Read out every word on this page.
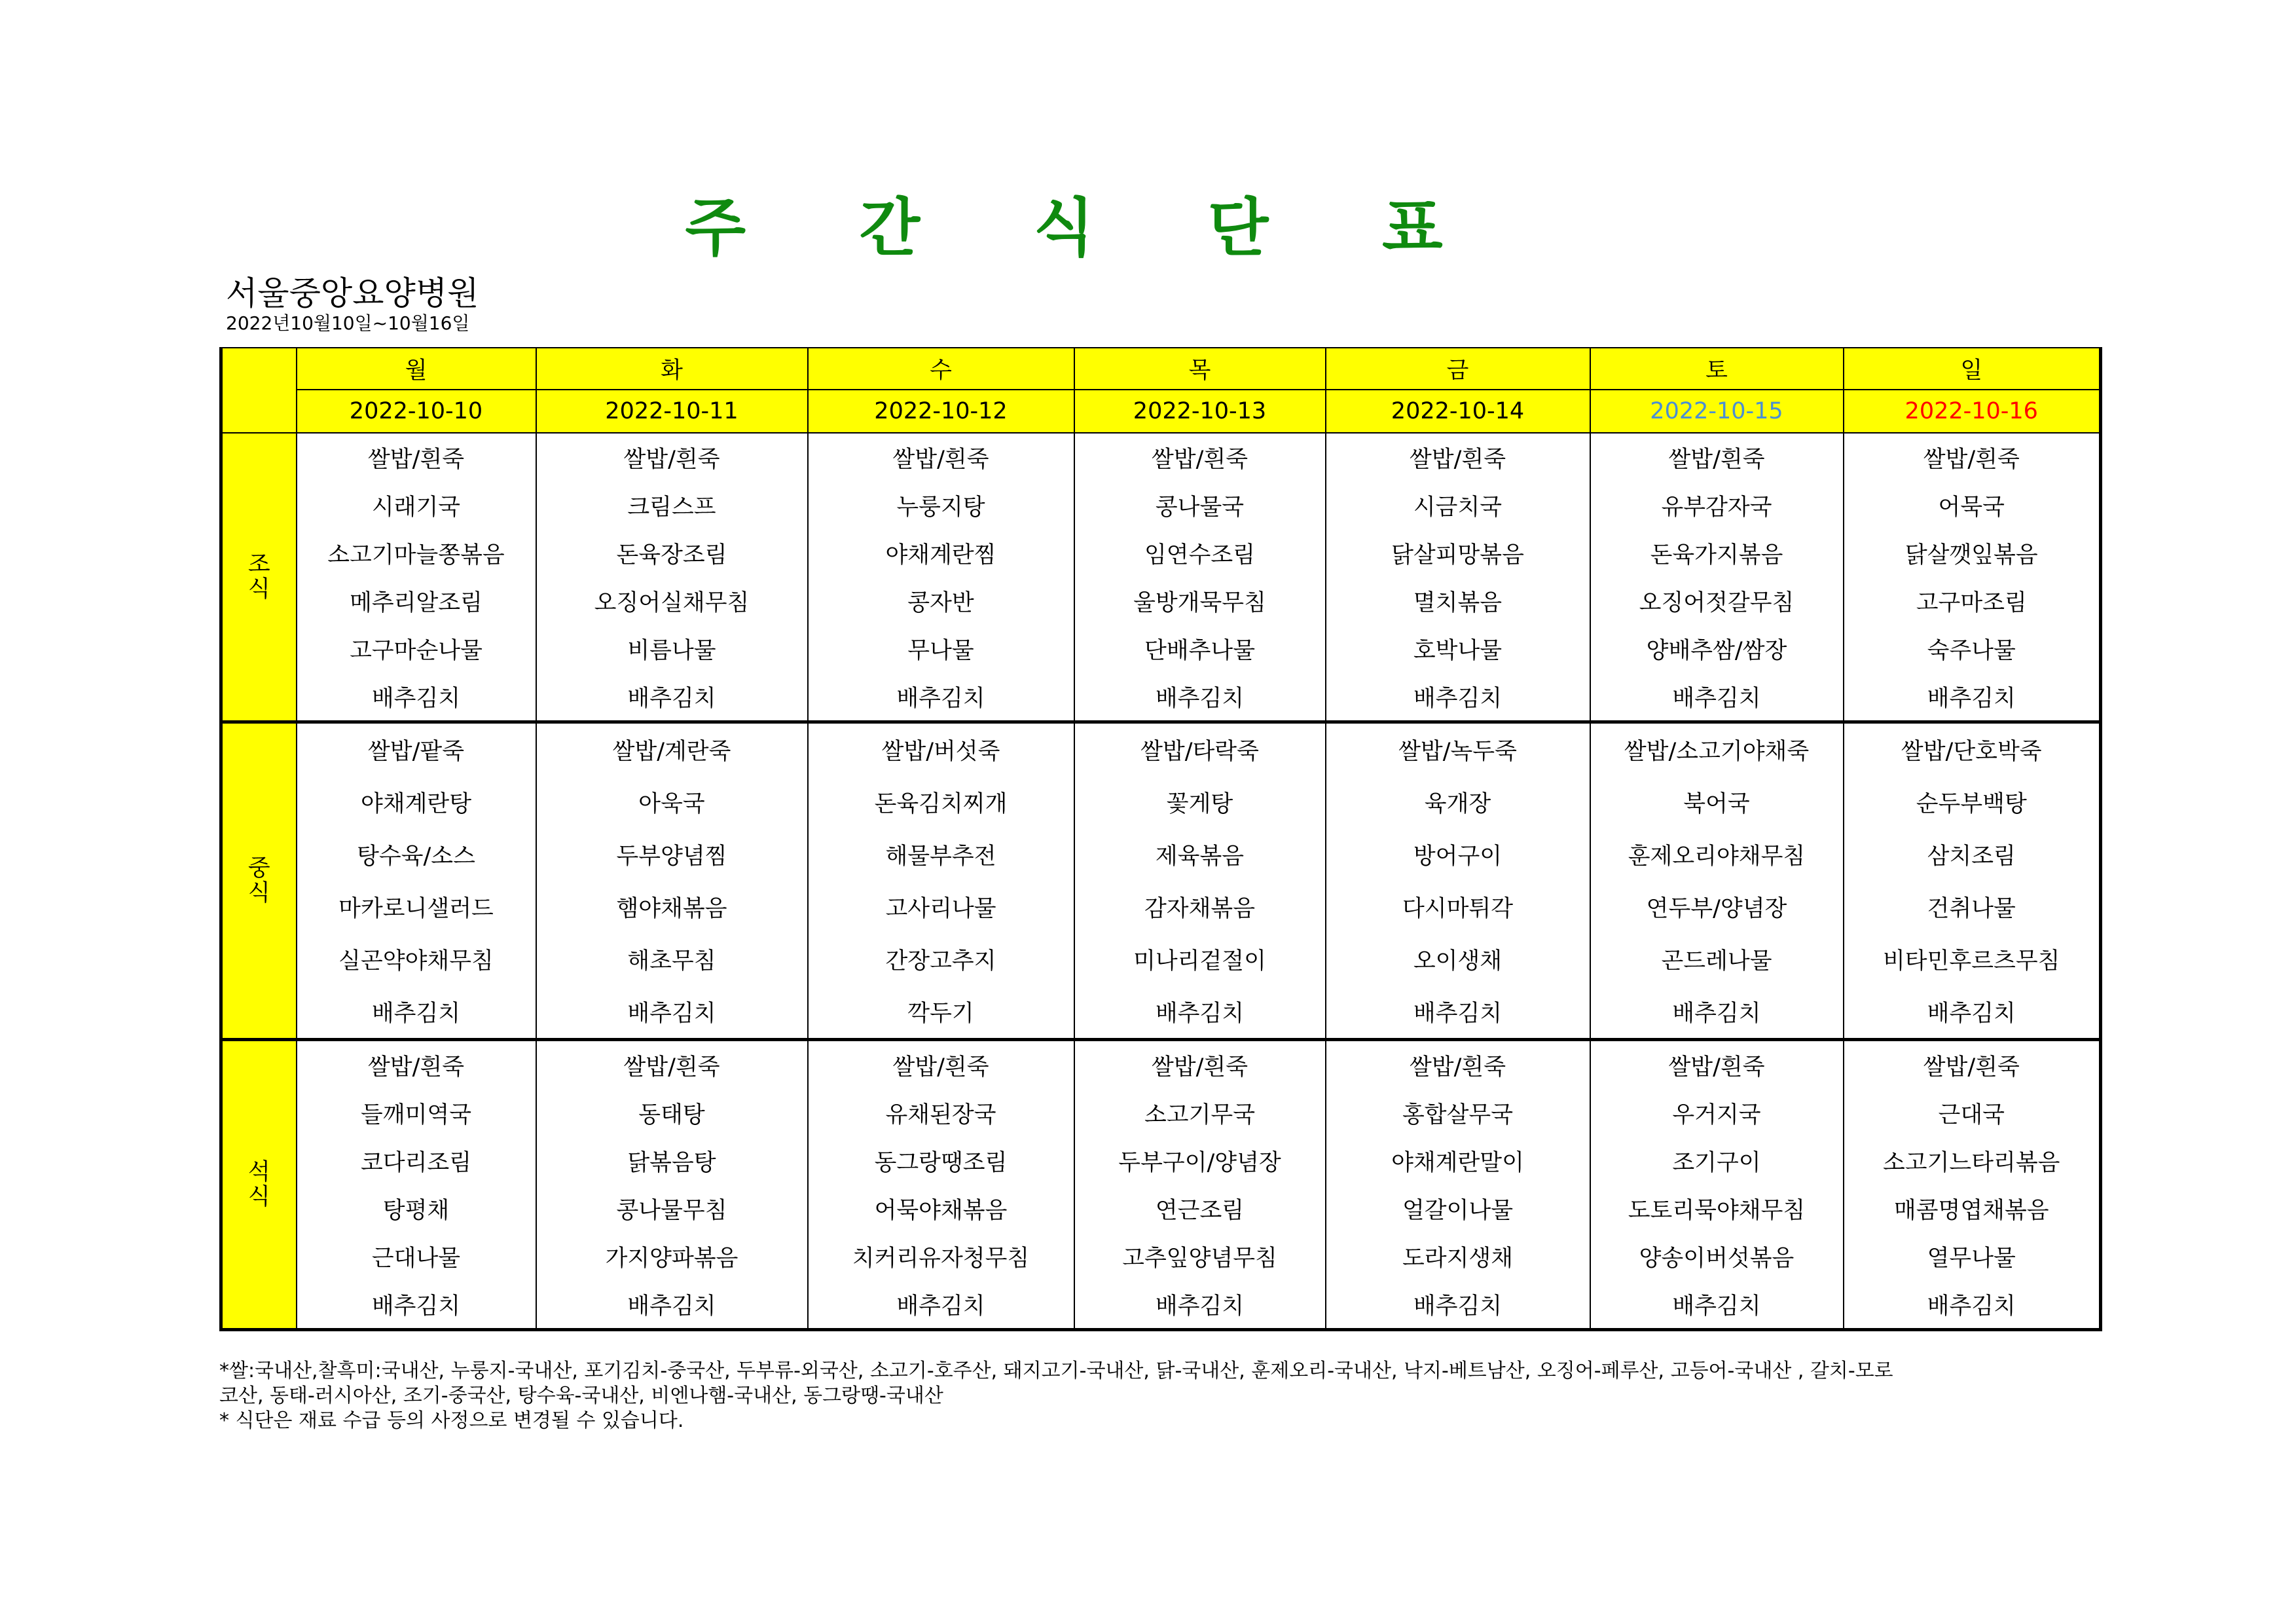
주 간 식 단 표
서울중앙요양병원
2022년10월10일~10월16일
	월	화	수	목	금	토	일
	2022-10-10	2022-10-11	2022-10-12	2022-10-13	2022-10-14	2022-10-15	2022-10-16
조
식	쌀밥/흰죽	쌀밥/흰죽	쌀밥/흰죽	쌀밥/흰죽	쌀밥/흰죽	쌀밥/흰죽	쌀밥/흰죽
	시래기국	크림스프	누룽지탕	콩나물국	시금치국	유부감자국	어묵국
	소고기마늘쫑볶음	돈육장조림	야채계란찜	임연수조림	닭살피망볶음	돈육가지볶음	닭살깻잎볶음
	메추리알조림	오징어실채무침	콩자반	울방개묵무침	멸치볶음	오징어젓갈무침	고구마조림
	고구마순나물	비름나물	무나물	단배추나물	호박나물	양배추쌈/쌈장	숙주나물
	배추김치	배추김치	배추김치	배추김치	배추김치	배추김치	배추김치
중
식	쌀밥/팥죽	쌀밥/계란죽	쌀밥/버섯죽	쌀밥/타락죽	쌀밥/녹두죽	쌀밥/소고기야채죽	쌀밥/단호박죽
	야채계란탕	아욱국	돈육김치찌개	꽃게탕	육개장	북어국	순두부백탕
	탕수육/소스	두부양념찜	해물부추전	제육볶음	방어구이	훈제오리야채무침	삼치조림
	마카로니샐러드	햄야채볶음	고사리나물	감자채볶음	다시마튀각	연두부/양념장	건취나물
	실곤약야채무침	해초무침	간장고추지	미나리겉절이	오이생채	곤드레나물	비타민후르츠무침
	배추김치	배추김치	깍두기	배추김치	배추김치	배추김치	배추김치
석
식	쌀밥/흰죽	쌀밥/흰죽	쌀밥/흰죽	쌀밥/흰죽	쌀밥/흰죽	쌀밥/흰죽	쌀밥/흰죽
	들깨미역국	동태탕	유채된장국	소고기무국	홍합살무국	우거지국	근대국
	코다리조림	닭볶음탕	동그랑땡조림	두부구이/양념장	야채계란말이	조기구이	소고기느타리볶음
	탕평채	콩나물무침	어묵야채볶음	연근조림	얼갈이나물	도토리묵야채무침	매콤명엽채볶음
	근대나물	가지양파볶음	치커리유자청무침	고추잎양념무침	도라지생채	양송이버섯볶음	열무나물
	배추김치	배추김치	배추김치	배추김치	배추김치	배추김치	배추김치
*쌀:국내산,찰흑미:국내산, 누룽지-국내산, 포기김치-중국산, 두부류-외국산, 소고기-호주산, 돼지고기-국내산, 닭-국내산, 훈제오리-국내산, 낙지-베트남산, 오징어-페루산, 고등어-국내산 , 갈치-모로
코산, 동태-러시아산, 조기-중국산, 탕수육-국내산, 비엔나햄-국내산, 동그랑땡-국내산
* 식단은 재료 수급 등의 사정으로 변경될 수 있습니다.
